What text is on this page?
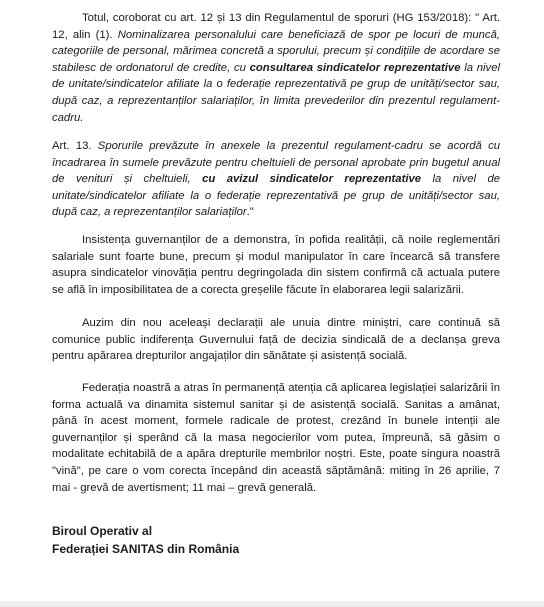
Totul, coroborat cu art. 12 și 13 din Regulamentul de sporuri (HG 153/2018): " Art. 12, alin (1). Nominalizarea personalului care beneficiază de spor pe locuri de muncă, categoriile de personal, mărimea concretă a sporului, precum și condițiile de acordare se stabilesc de ordonatorul de credite, cu consultarea sindicatelor reprezentative la nivel de unitate/sindicatelor afiliate la o federație reprezentativă pe grup de unități/sector sau, după caz, a reprezentanților salariaților, în limita prevederilor din prezentul regulament-cadru.

Art. 13. Sporurile prevăzute în anexele la prezentul regulament-cadru se acordă cu încadrarea în sumele prevăzute pentru cheltuieli de personal aprobate prin bugetul anual de venituri și cheltuieli, cu avizul sindicatelor reprezentative la nivel de unitate/sindicatelor afiliate la o federație reprezentativă pe grup de unități/sector sau, după caz, a reprezentanților salariaților."

Insistența guvernanților de a demonstra, în pofida realității, că noile reglementări salariale sunt foarte bune, precum și modul manipulator în care încearcă să transfere asupra sindicatelor vinovăția pentru degringolada din sistem confirmă că actuala putere se află în imposibilitatea de a corecta greșelile făcute în elaborarea legii salarizării.

Auzim din nou aceleași declarații ale unuia dintre miniștri, care continuă să comunice public indiferența Guvernului față de decizia sindicală de a declanșa greva pentru apărarea drepturilor angajaților din sănătate și asistență socială.

Federația noastră a atras în permanență atenția că aplicarea legislației salarizării în forma actuală va dinamita sistemul sanitar și de asistență socială. Sanitas a amânat, până în acest moment, formele radicale de protest, crezând în bunele intenții ale guvernanților și sperând că la masa negocierilor vom putea, împreună, să găsim o modalitate echitabilă de a apăra drepturile membrilor noștri. Este, poate singura noastră "vină", pe care o vom corecta începând din această săptămână: miting în 26 aprilie, 7 mai - grevă de avertisment; 11 mai – grevă generală.

Biroul Operativ al

Federației SANITAS din România
